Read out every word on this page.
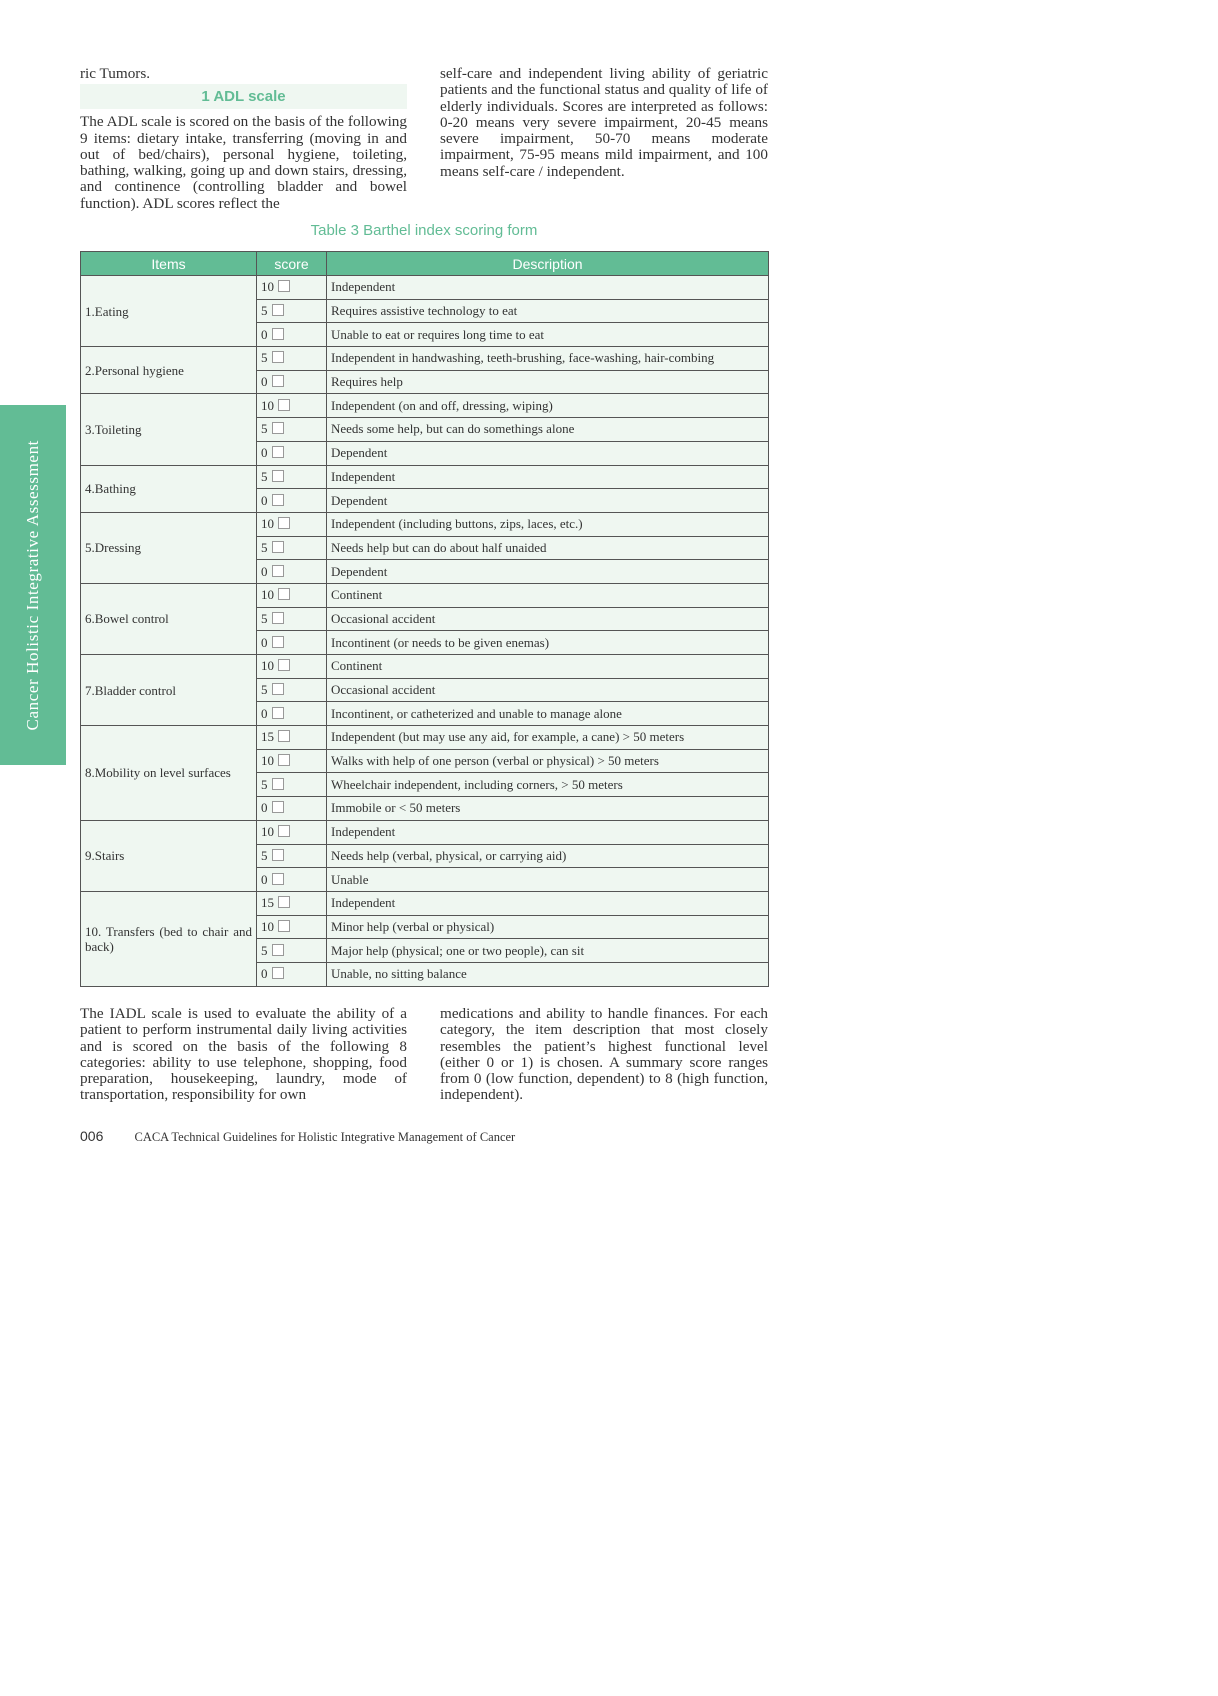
Cancer Holistic Integrative Assessment

ric Tumors.

1 ADL scale

The ADL scale is scored on the basis of the following 9 items: dietary intake, transferring (moving in and out of bed/chairs), personal hygiene, toileting, bathing, walking, going up and down stairs, dressing, and continence (controlling bladder and bowel function). ADL scores reflect the

self-care and independent living ability of geriatric patients and the functional status and quality of life of elderly individuals. Scores are interpreted as follows: 0-20 means very severe impairment, 20-45 means severe impairment, 50-70 means moderate impairment, 75-95 means mild impairment, and 100 means self-care / independent.

Table 3 Barthel index scoring form
Items	score	Description
1.Eating	10	Independent
	5	Requires assistive technology to eat
	0	Unable to eat or requires long time to eat
2.Personal hygiene	5	Independent in handwashing, teeth-brushing, face-washing, hair-combing
	0	Requires help
3.Toileting	10	Independent (on and off, dressing, wiping)
	5	Needs some help, but can do somethings alone
	0	Dependent
4.Bathing	5	Independent
	0	Dependent
5.Dressing	10	Independent (including buttons, zips, laces, etc.)
	5	Needs help but can do about half unaided
	0	Dependent
6.Bowel control	10	Continent
	5	Occasional accident
	0	Incontinent (or needs to be given enemas)
7.Bladder control	10	Continent
	5	Occasional accident
	0	Incontinent, or catheterized and unable to manage alone
8.Mobility on level surfaces	15	Independent (but may use any aid, for example, a cane) > 50 meters
	10	Walks with help of one person (verbal or physical) > 50 meters
	5	Wheelchair independent, including corners, > 50 meters
	0	Immobile or < 50 meters
9.Stairs	10	Independent
	5	Needs help (verbal, physical, or carrying aid)
	0	Unable
10. Transfers (bed to chair and back)	15	Independent
	10	Minor help (verbal or physical)
	5	Major help (physical; one or two people), can sit
	0	Unable, no sitting balance

The IADL scale is used to evaluate the ability of a patient to perform instrumental daily living activities and is scored on the basis of the following 8 categories: ability to use telephone, shopping, food preparation, housekeeping, laundry, mode of transportation, responsibility for own

medications and ability to handle finances. For each category, the item description that most closely resembles the patient’s highest functional level (either 0 or 1) is chosen. A summary score ranges from 0 (low function, dependent) to 8 (high function, independent).

006 CACA Technical Guidelines for Holistic Integrative Management of Cancer
